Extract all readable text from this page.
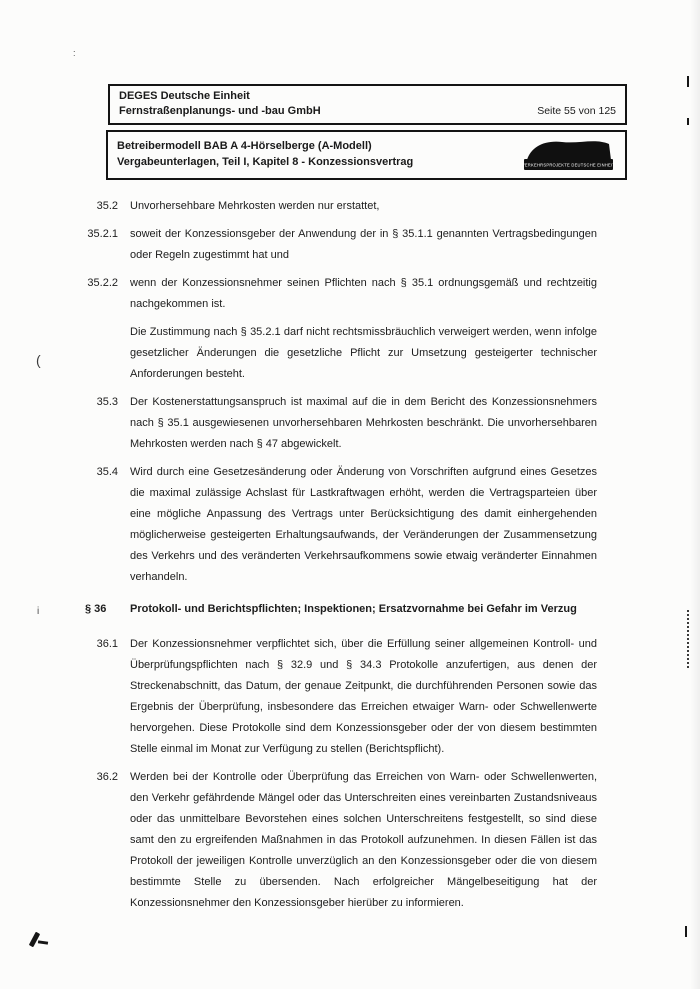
DEGES Deutsche Einheit
Fernstraßenplanungs- und -bau GmbH	Seite 55 von 125
Betreibermodell BAB A 4-Hörselberge (A-Modell)
Vergabeunterlagen, Teil I, Kapitel 8 - Konzessionsvertrag	VERKEHRSPROJEKTE DEUTSCHE EINHEIT
35.2 Unvorhersehbare Mehrkosten werden nur erstattet,
35.2.1 soweit der Konzessionsgeber der Anwendung der in § 35.1.1 genannten Vertragsbedingungen oder Regeln zugestimmt hat und
35.2.2 wenn der Konzessionsnehmer seinen Pflichten nach § 35.1 ordnungsgemäß und rechtzeitig nachgekommen ist.
Die Zustimmung nach § 35.2.1 darf nicht rechtsmissbräuchlich verweigert werden, wenn infolge gesetzlicher Änderungen die gesetzliche Pflicht zur Umsetzung gesteigerter technischer Anforderungen besteht.
35.3 Der Kostenerstattungsanspruch ist maximal auf die in dem Bericht des Konzessionsnehmers nach § 35.1 ausgewiesenen unvorhersehbaren Mehrkosten beschränkt. Die unvorhersehbaren Mehrkosten werden nach § 47 abgewickelt.
35.4 Wird durch eine Gesetzesänderung oder Änderung von Vorschriften aufgrund eines Gesetzes die maximal zulässige Achslast für Lastkraftwagen erhöht, werden die Vertragsparteien über eine mögliche Anpassung des Vertrags unter Berücksichtigung des damit einhergehenden möglicherweise gesteigerten Erhaltungsaufwands, der Veränderungen der Zusammensetzung des Verkehrs und des veränderten Verkehrsaufkommens sowie etwaig veränderter Einnahmen verhandeln.
§ 36	Protokoll- und Berichtspflichten; Inspektionen; Ersatzvornahme bei Gefahr im Verzug
36.1 Der Konzessionsnehmer verpflichtet sich, über die Erfüllung seiner allgemeinen Kontroll- und Überprüfungspflichten nach § 32.9 und § 34.3 Protokolle anzufertigen, aus denen der Streckenabschnitt, das Datum, der genaue Zeitpunkt, die durchführenden Personen sowie das Ergebnis der Überprüfung, insbesondere das Erreichen etwaiger Warn- oder Schwellenwerte hervorgehen. Diese Protokolle sind dem Konzessionsgeber oder der von diesem bestimmten Stelle einmal im Monat zur Verfügung zu stellen (Berichtspflicht).
36.2 Werden bei der Kontrolle oder Überprüfung das Erreichen von Warn- oder Schwellenwerten, den Verkehr gefährdende Mängel oder das Unterschreiten eines vereinbarten Zustandsniveaus oder das unmittelbare Bevorstehen eines solchen Unterschreitens festgestellt, so sind diese samt den zu ergreifenden Maßnahmen in das Protokoll aufzunehmen. In diesen Fällen ist das Protokoll der jeweiligen Kontrolle unverzüglich an den Konzessionsgeber oder die von diesem bestimmte Stelle zu übersenden. Nach erfolgreicher Mängelbeseitigung hat der Konzessionsnehmer den Konzessionsgeber hierüber zu informieren.
:
(
i
